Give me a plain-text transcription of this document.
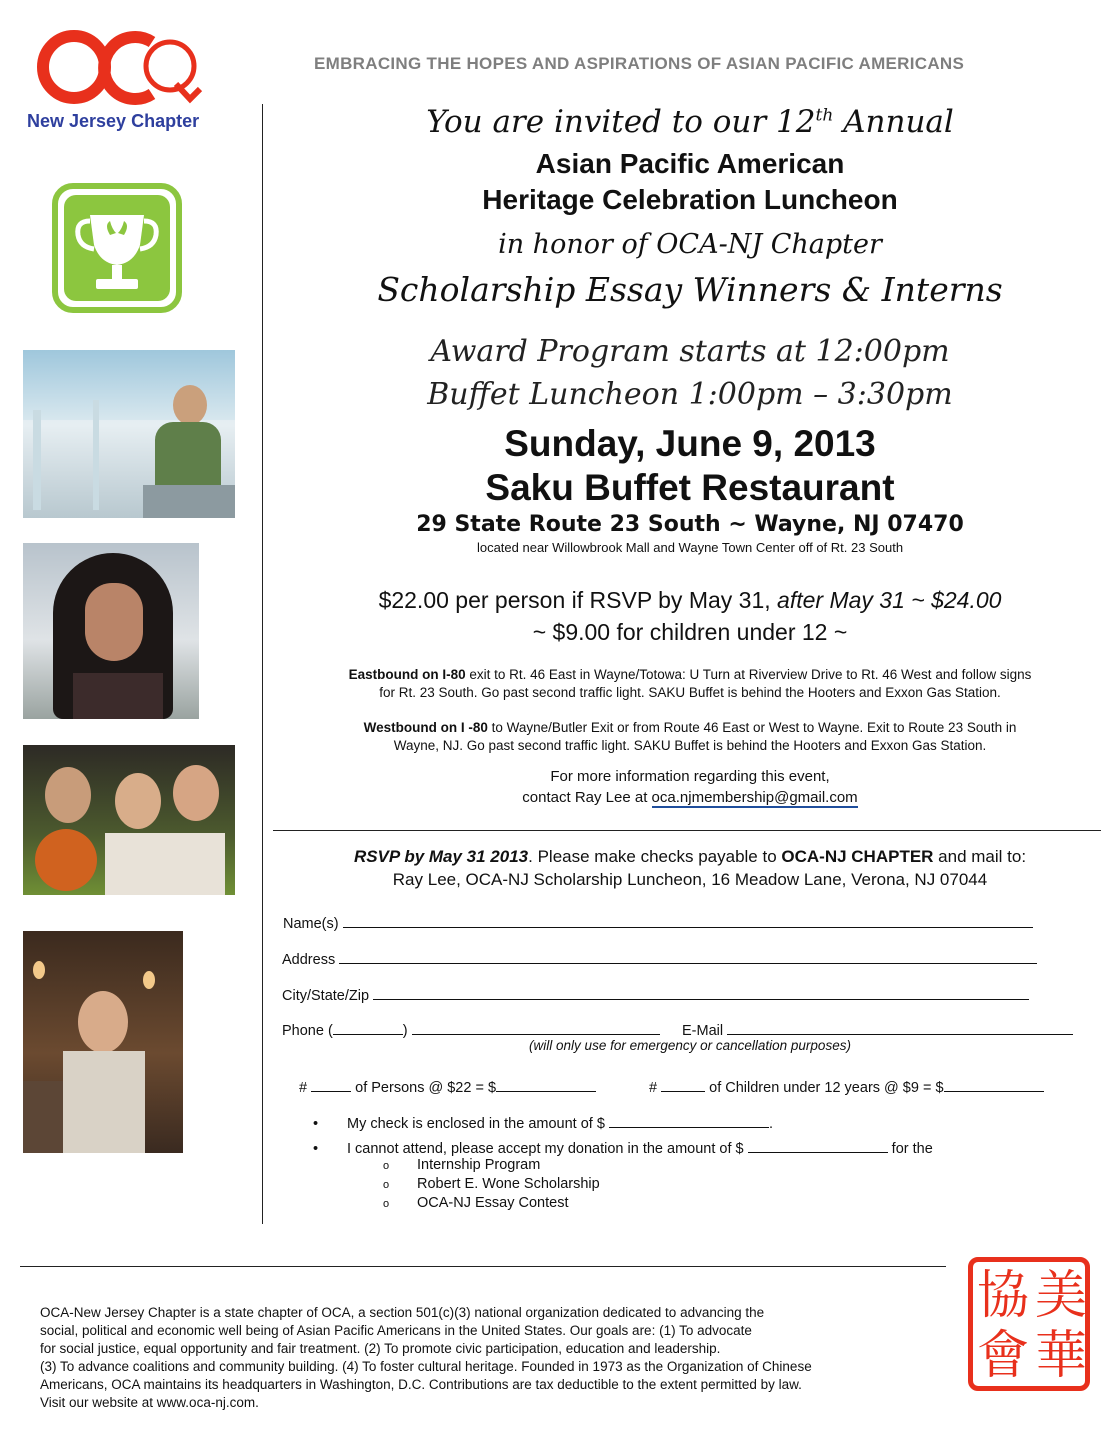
New Jersey Chapter
EMBRACING THE HOPES AND ASPIRATIONS OF ASIAN PACIFIC AMERICANS
You are invited to our 12th Annual
Asian Pacific American
Heritage Celebration Luncheon
in honor of OCA-NJ Chapter
Scholarship Essay Winners & Interns
Award Program starts at 12:00pm
Buffet Luncheon 1:00pm – 3:30pm
Sunday, June 9, 2013
Saku Buffet Restaurant
29 State Route 23 South ~ Wayne, NJ 07470
located near Willowbrook Mall and Wayne Town Center off of Rt. 23 South
$22.00 per person if RSVP by May 31, after May 31 ~ $24.00
~ $9.00 for children under 12 ~
Eastbound on I-80 exit to Rt. 46 East in Wayne/Totowa: U Turn at Riverview Drive to Rt. 46 West and follow signs
for Rt. 23 South. Go past second traffic light. SAKU Buffet is behind the Hooters and Exxon Gas Station.
Westbound on I -80 to Wayne/Butler Exit or from Route 46 East or West to Wayne. Exit to Route 23 South in
Wayne, NJ. Go past second traffic light. SAKU Buffet is behind the Hooters and Exxon Gas Station.
For more information regarding this event,
contact Ray Lee at oca.njmembership@gmail.com
RSVP by May 31 2013. Please make checks payable to OCA-NJ CHAPTER and mail to:
Ray Lee, OCA-NJ Scholarship Luncheon, 16 Meadow Lane, Verona, NJ 07044
Name(s)
Address
City/State/Zip
Phone (	)	E-Mail
(will only use for emergency or cancellation purposes)
#	of Persons @ $22 = $	#	of Children under 12 years @ $9 = $
• My check is enclosed in the amount of $	.
• I cannot attend, please accept my donation in the amount of $	for the
o Internship Program
o Robert E. Wone Scholarship
o OCA-NJ Essay Contest
OCA-New Jersey Chapter is a state chapter of OCA, a section 501(c)(3) national organization dedicated to advancing the
social, political and economic well being of Asian Pacific Americans in the United States. Our goals are: (1) To advocate
for social justice, equal opportunity and fair treatment. (2) To promote civic participation, education and leadership.
(3) To advance coalitions and community building. (4) To foster cultural heritage. Founded in 1973 as the Organization of Chinese
Americans, OCA maintains its headquarters in Washington, D.C. Contributions are tax deductible to the extent permitted by law.
Visit our website at www.oca-nj.com.
美
協
華
會
